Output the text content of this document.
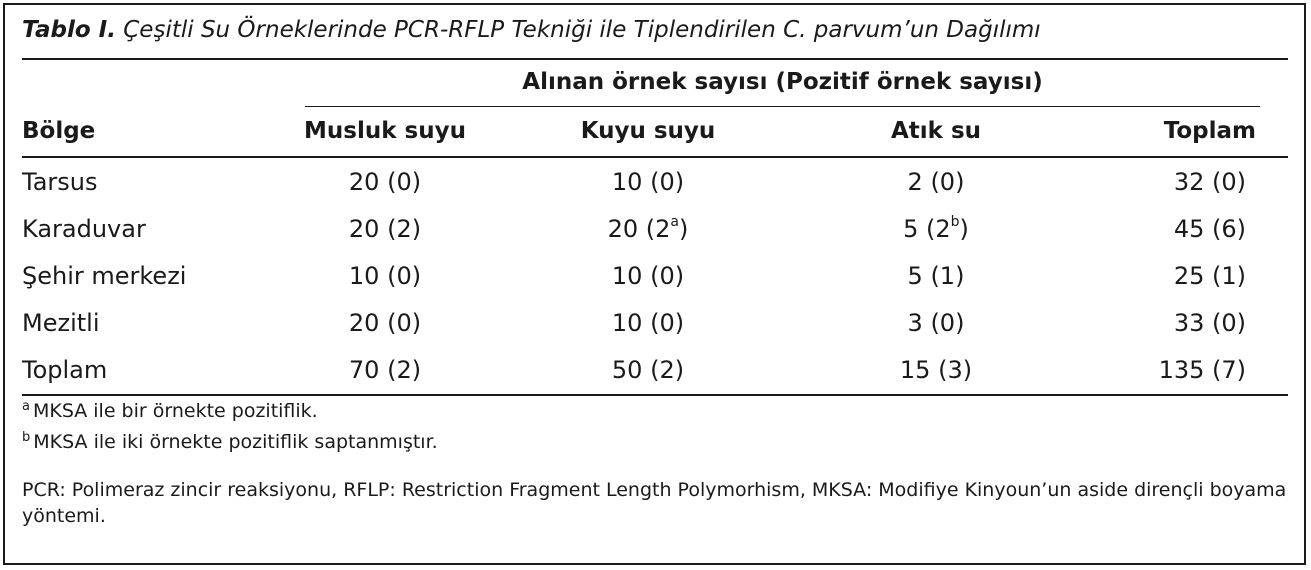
Tablo I. Çeşitli Su Örneklerinde PCR-RFLP Tekniği ile Tiplendirilen C. parvum’un Dağılımı
Alınan örnek sayısı (Pozitif örnek sayısı)
Bölge	Musluk suyu	Kuyu suyu	Atık su	Toplam
Tarsus	20 (0)	10 (0)	2 (0)	32 (0)
Karaduvar	20 (2)	20 (2$^a$)	5 (2$^b$)	45 (6)
Şehir merkezi	10 (0)	10 (0)	5 (1)	25 (1)
Mezitli	20 (0)	10 (0)	3 (0)	33 (0)
Toplam	70 (2)	50 (2)	15 (3)	135 (7)
$^a$ MKSA ile bir örnekte pozitiflik.
$^b$ MKSA ile iki örnekte pozitiflik saptanmıştır.
PCR: Polimeraz zincir reaksiyonu, RFLP: Restriction Fragment Length Polymorhism, MKSA: Modifiye Kinyoun’un aside dirençli boyama yöntemi.
